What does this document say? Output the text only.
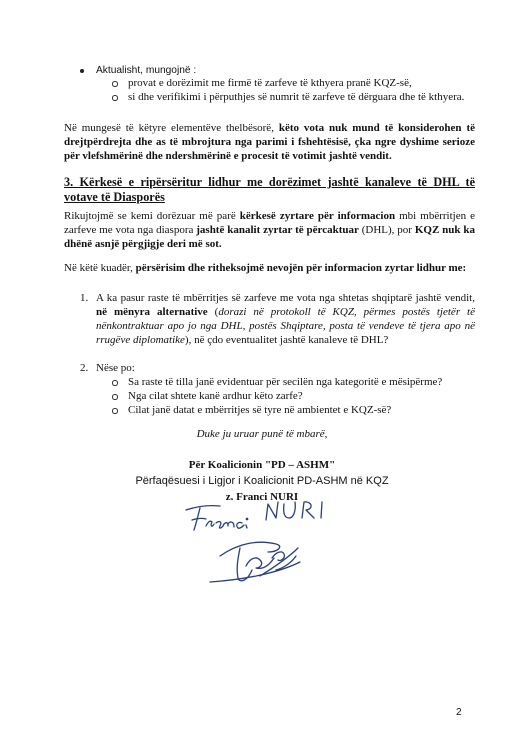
Aktualisht, mungojnë :
provat e dorëzimit me firmë të zarfeve të kthyera pranë KQZ-së,
si dhe verifikimi i përputhjes së numrit të zarfeve të dërguara dhe të kthyera.
Në mungesë të këtyre elementëve thelbësorë, këto vota nuk mund të konsiderohen të
drejtpërdrejta dhe as të mbrojtura nga parimi i fshehtësisë, çka ngre dyshime serioze
për vlefshmërinë dhe ndershmërinë e procesit të votimit jashtë vendit.
3. Kërkesë e ripërsëritur lidhur me dorëzimet jashtë kanaleve të DHL të
votave të Diasporës
Rikujtojmë se kemi dorëzuar më parë kërkesë zyrtare për informacion mbi mbërritjen e
zarfeve me vota nga diaspora jashtë kanalit zyrtar të përcaktuar (DHL), por KQZ nuk ka
dhënë asnjë përgjigje deri më sot.
Në këtë kuadër, përsërisim dhe ritheksojmë nevojën për informacion zyrtar lidhur me:
1. A ka pasur raste të mbërritjes së zarfeve me vota nga shtetas shqiptarë jashtë vendit,
në mënyra alternative (dorazi në protokoll të KQZ, përmes postës tjetër të
nënkontraktuar apo jo nga DHL, postës Shqiptare, posta të vendeve të tjera apo në
rrugëve diplomatike), në çdo eventualitet jashtë kanaleve të DHL?
2. Nëse po:
Sa raste të tilla janë evidentuar për secilën nga kategoritë e mësipërme?
Nga cilat shtete kanë ardhur këto zarfe?
Cilat janë datat e mbërritjes së tyre në ambientet e KQZ-së?
Duke ju uruar punë të mbarë,
Për Koalicionin "PD – ASHM"
Përfaqësuesi i Ligjor i Koalicionit PD-ASHM në KQZ
z. Franci NURI
2
